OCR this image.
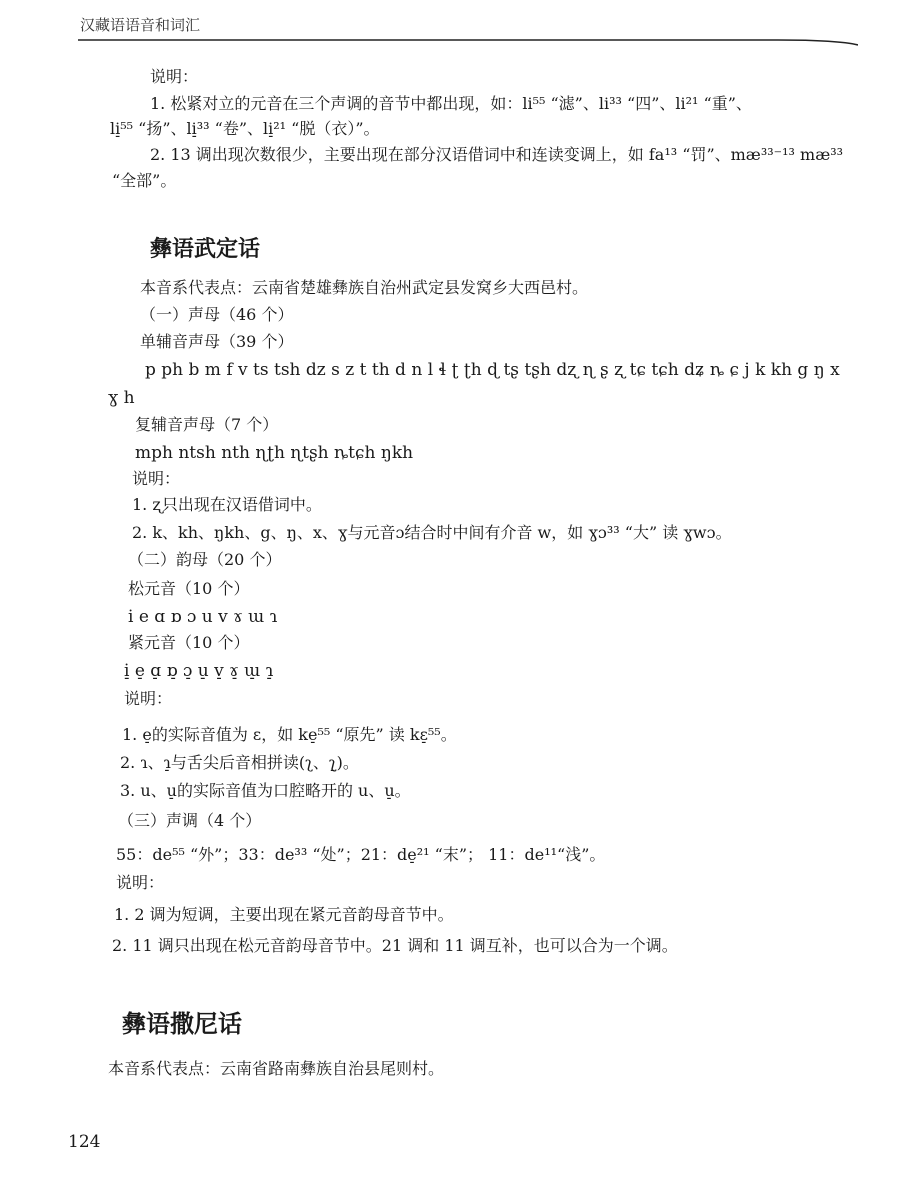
汉藏语语音和词汇
说明：
1. 松紧对立的元音在三个声调的音节中都出现，如：li⁵⁵ “滤”、li³³ “四”、li²¹ “重”、
li̠⁵⁵ “扬”、li̠³³ “卷”、li̠²¹ “脱（衣）”。
2. 13 调出现次数很少，主要出现在部分汉语借词中和连读变调上，如 fa¹³ “罚”、mæ³³⁻¹³ mæ³³
“全部”。
彝语武定话
本音系代表点：云南省楚雄彝族自治州武定县发窝乡大西邑村。
（一）声母（46 个）
单辅音声母（39 个）
p ph b m f v ts tsh dz s z t th d n l ɬ ʈ ʈh ɖ tʂ tʂh dʐ ɳ ʂ ʐ tɕ tɕh dʑ ȵ ɕ j k kh g ŋ x
ɣ h
复辅音声母（7 个）
mph ntsh nth ɳʈh ɳtʂh ȵtɕh ŋkh
说明：
1. ʐ只出现在汉语借词中。
2. k、kh、ŋkh、g、ŋ、x、ɣ与元音ɔ结合时中间有介音 w，如 ɣɔ³³ “大” 读 ɣwɔ。
（二）韵母（20 个）
松元音（10 个）
i e ɑ ɒ ɔ u v ɤ ɯ ɿ
紧元音（10 个）
i̠ e̠ ɑ̠ ɒ̠ ɔ̠ u̠ v̠ ɤ̠ ɯ̠ ɿ̠
说明：
1. e̠的实际音值为 ɛ，如 ke̠⁵⁵ “原先” 读 kɛ̠⁵⁵。
2. ɿ、ɿ̠与舌尖后音相拼读(ʅ、ʅ̠)。
3. u、u̠的实际音值为口腔略开的 u、u̠。
（三）声调（4 个）
55：de⁵⁵ “外”；33：de³³ “处”；21：de̠²¹ “末”； 11：de¹¹“浅”。
说明：
1. 2 调为短调，主要出现在紧元音韵母音节中。
2. 11 调只出现在松元音韵母音节中。21 调和 11 调互补，也可以合为一个调。
彝语撒尼话
本音系代表点：云南省路南彝族自治县尾则村。
124
